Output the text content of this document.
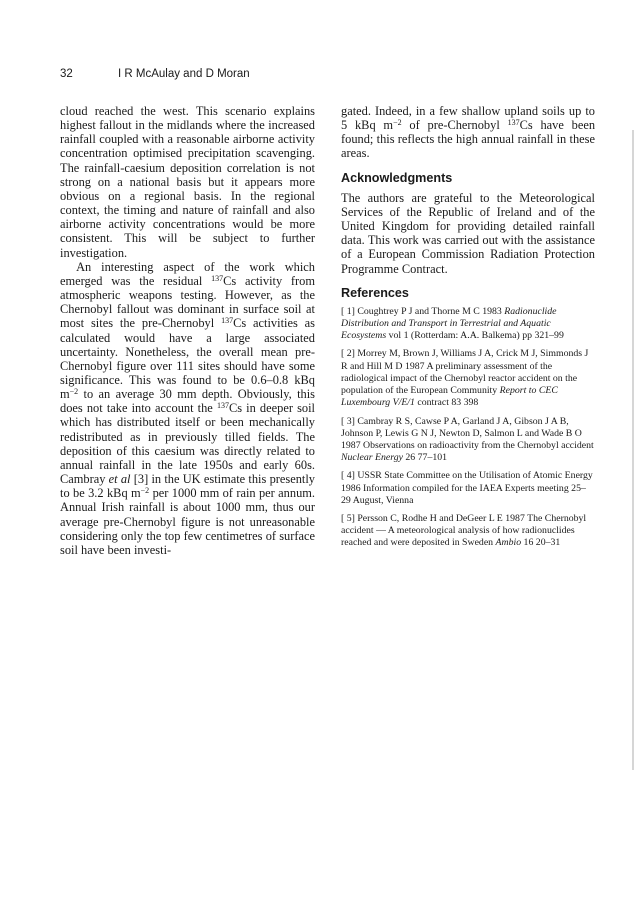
32	I R McAulay and D Moran

cloud reached the west. This scenario explains highest fallout in the midlands where the increased rainfall coupled with a reasonable airborne activity concentration optimised precipitation scavenging. The rainfall-caesium deposition correlation is not strong on a national basis but it appears more obvious on a regional basis. In the regional context, the timing and nature of rainfall and also airborne activity concentrations would be more consistent. This will be subject to further investigation.

An interesting aspect of the work which emerged was the residual $^{137}$Cs activity from atmospheric weapons testing. However, as the Chernobyl fallout was dominant in surface soil at most sites the pre-Chernobyl $^{137}$Cs activities as calculated would have a large associated uncertainty. Nonetheless, the overall mean pre-Chernobyl figure over 111 sites should have some significance. This was found to be 0.6–0.8 kBq $m^{-2}$ to an average 30 mm depth. Obviously, this does not take into account the $^{137}$Cs in deeper soil which has distributed itself or been mechanically redistributed as in previously tilled fields. The deposition of this caesium was directly related to annual rainfall in the late 1950s and early 60s. Cambray et al [3] in the UK estimate this presently to be 3.2 kBq $m^{-2}$ per 1000 mm of rain per annum. Annual Irish rainfall is about 1000 mm, thus our average pre-Chernobyl figure is not unreasonable considering only the top few centimetres of surface soil have been investi-

gated. Indeed, in a few shallow upland soils up to 5 kBq $m^{-2}$ of pre-Chernobyl $^{137}$Cs have been found; this reflects the high annual rainfall in these areas.

Acknowledgments

The authors are grateful to the Meteorological Services of the Republic of Ireland and of the United Kingdom for providing detailed rainfall data. This work was carried out with the assistance of a European Commission Radiation Protection Programme Contract.

References
[ 1] Coughtrey P J and Thorne M C 1983 Radionuclide Distribution and Transport in Terrestrial and Aquatic Ecosystems vol 1 (Rotterdam: A.A. Balkema) pp 321–99
[ 2] Morrey M, Brown J, Williams J A, Crick M J, Simmonds J R and Hill M D 1987 A preliminary assessment of the radiological impact of the Chernobyl reactor accident on the population of the European Community Report to CEC Luxembourg V/E/1 contract 83 398
[ 3] Cambray R S, Cawse P A, Garland J A, Gibson J A B, Johnson P, Lewis G N J, Newton D, Salmon L and Wade B O 1987 Observations on radioactivity from the Chernobyl accident Nuclear Energy 26 77–101
[ 4] USSR State Committee on the Utilisation of Atomic Energy 1986 Information compiled for the IAEA Experts meeting 25–29 August, Vienna
[ 5] Persson C, Rodhe H and DeGeer L E 1987 The Chernobyl accident — A meteorological analysis of how radionuclides reached and were deposited in Sweden Ambio 16 20–31
